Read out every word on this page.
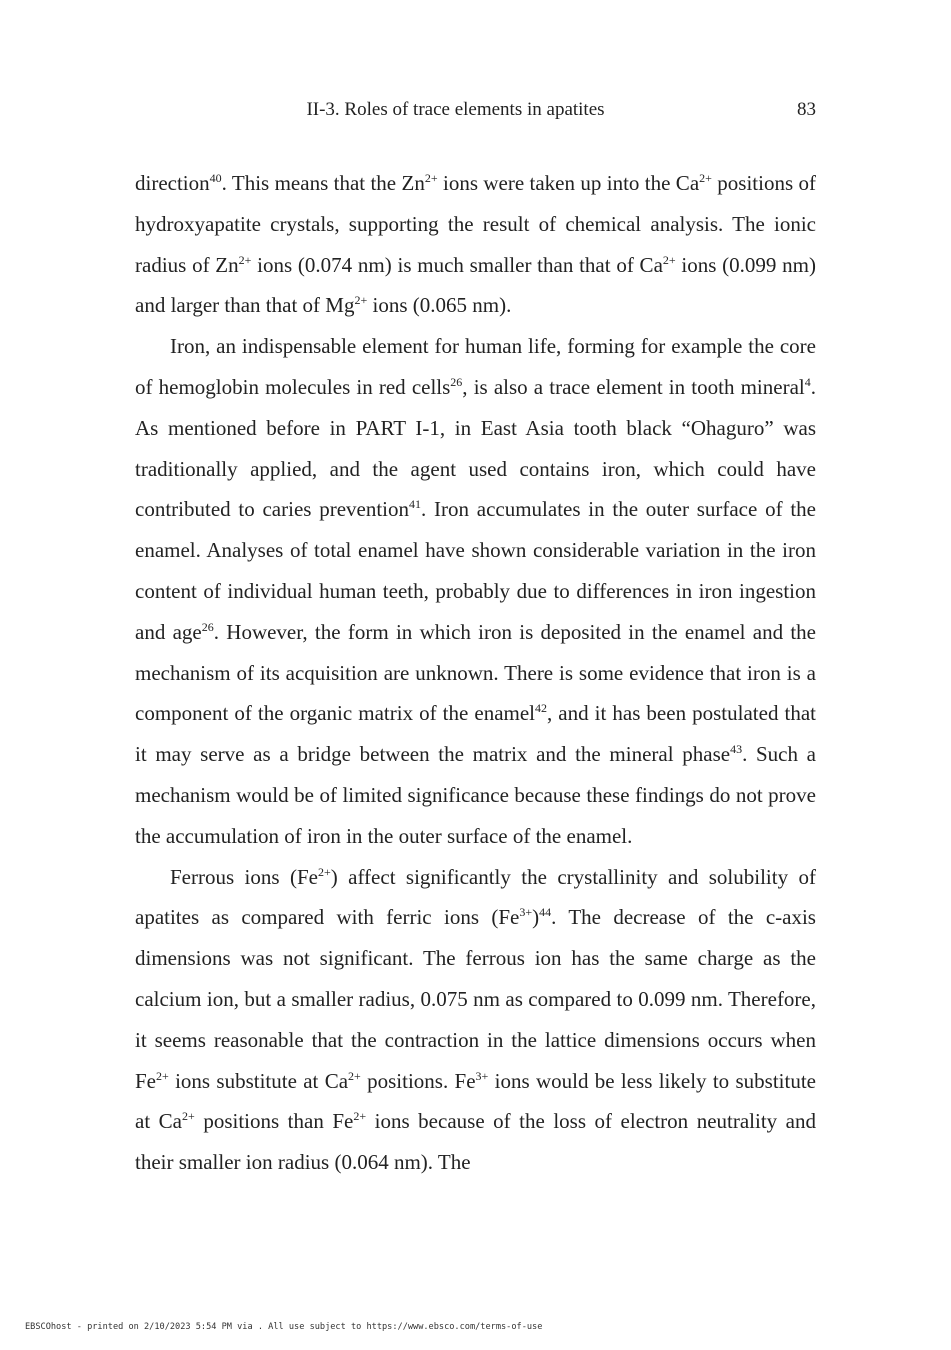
II-3. Roles of trace elements in apatites	83

direction$^{40}$. This means that the $Zn^{2+}$ ions were taken up into the $Ca^{2+}$ positions of hydroxyapatite crystals, supporting the result of chemical analysis. The ionic radius of $Zn^{2+}$ ions (0.074 nm) is much smaller than that of $Ca^{2+}$ ions (0.099 nm) and larger than that of $Mg^{2+}$ ions (0.065 nm).

Iron, an indispensable element for human life, forming for example the core of hemoglobin molecules in red cells$^{26}$, is also a trace element in tooth mineral$^4$. As mentioned before in PART I-1, in East Asia tooth black “Ohaguro” was traditionally applied, and the agent used contains iron, which could have contributed to caries prevention$^{41}$. Iron accumulates in the outer surface of the enamel. Analyses of total enamel have shown considerable variation in the iron content of individual human teeth, probably due to differences in iron ingestion and age$^{26}$. However, the form in which iron is deposited in the enamel and the mechanism of its acquisition are unknown. There is some evidence that iron is a component of the organic matrix of the enamel$^{42}$, and it has been postulated that it may serve as a bridge between the matrix and the mineral phase$^{43}$. Such a mechanism would be of limited significance because these findings do not prove the accumulation of iron in the outer surface of the enamel.

Ferrous ions $(Fe^{2+})$ affect significantly the crystallinity and solubility of apatites as compared with ferric ions $(Fe^{3+})^{44}$. The decrease of the c-axis dimensions was not significant. The ferrous ion has the same charge as the calcium ion, but a smaller radius, 0.075 nm as compared to 0.099 nm. Therefore, it seems reasonable that the contraction in the lattice dimensions occurs when $Fe^{2+}$ ions substitute at $Ca^{2+}$ positions. $Fe^{3+}$ ions would be less likely to substitute at $Ca^{2+}$ positions than $Fe^{2+}$ ions because of the loss of electron neutrality and their smaller ion radius (0.064 nm). The

EBSCOhost - printed on 2/10/2023 5:54 PM via . All use subject to https://www.ebsco.com/terms-of-use
